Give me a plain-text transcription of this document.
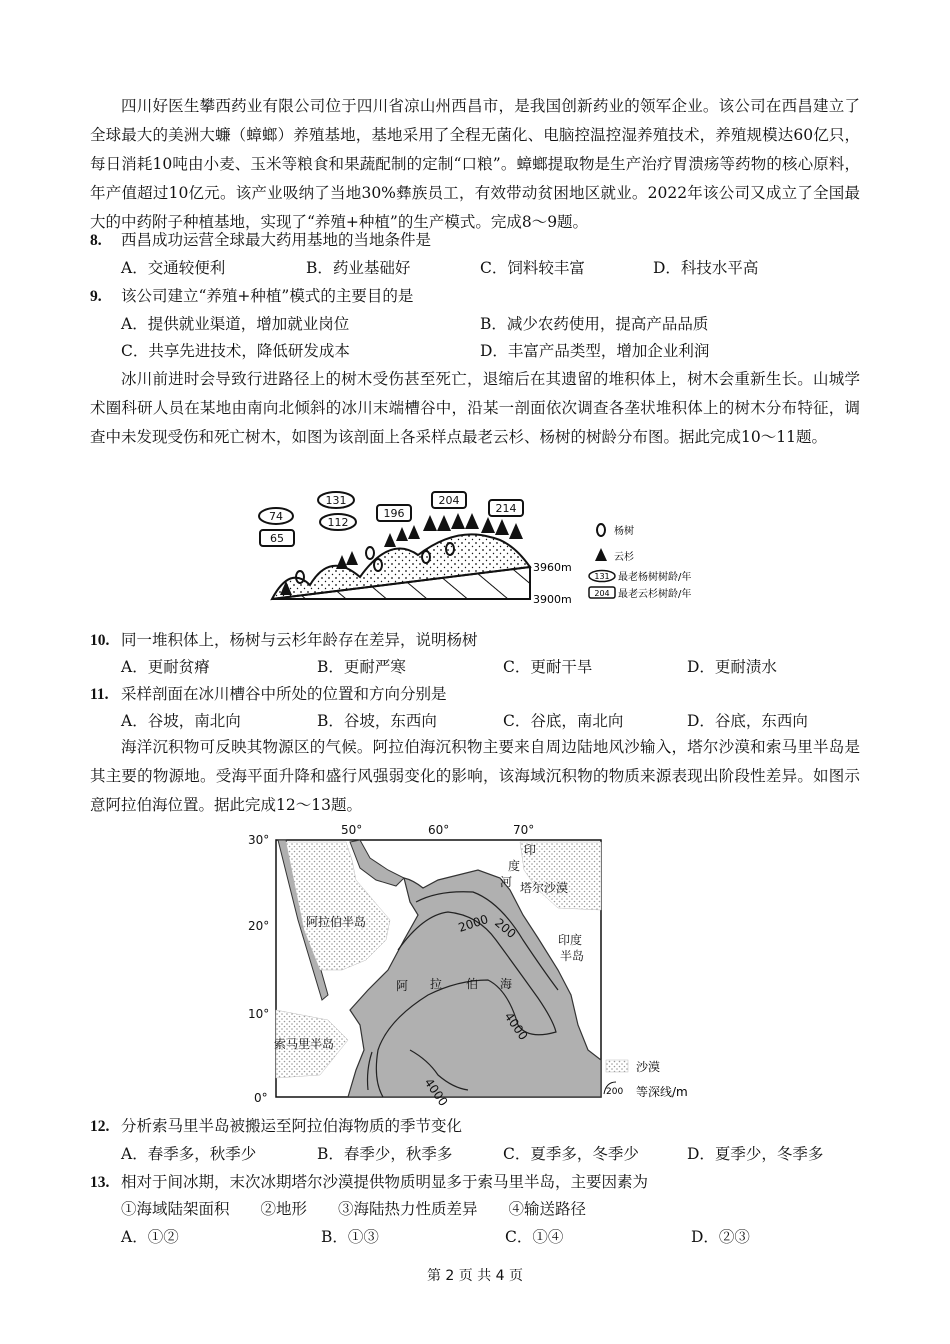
四川好医生攀西药业有限公司位于四川省凉山州西昌市，是我国创新药业的领军企业。该公司在西昌建立了全球最大的美洲大蠊（蟑螂）养殖基地，基地采用了全程无菌化、电脑控温控湿养殖技术，养殖规模达60亿只，每日消耗10吨由小麦、玉米等粮食和果蔬配制的定制“口粮”。蟑螂提取物是生产治疗胃溃疡等药物的核心原料，年产值超过10亿元。该产业吸纳了当地30%彝族员工，有效带动贫困地区就业。2022年该公司又成立了全国最大的中药附子种植基地，实现了“养殖+种植”的生产模式。完成8～9题。

8. 西昌成功运营全球最大药用基地的当地条件是
A．交通较便利	B．药业基础好	C．饲料较丰富	D．科技水平高
9. 该公司建立“养殖+种植”模式的主要目的是
A．提供就业渠道，增加就业岗位	B．减少农药使用，提高产品品质
C．共享先进技术，降低研发成本	D．丰富产品类型，增加企业利润

冰川前进时会导致行进路径上的树木受伤甚至死亡，退缩后在其遗留的堆积体上，树木会重新生长。山城学术圈科研人员在某地由南向北倾斜的冰川末端槽谷中，沿某一剖面依次调查各垄状堆积体上的树木分布特征，调查中未发现受伤和死亡树木，如图为该剖面上各采样点最老云杉、杨树的树龄分布图。据此完成10～11题。

74
65
131
112
196
204
214
3960m
3900m
杨树
云杉
131 最老杨树树龄/年
204 最老云杉树龄/年
10. 同一堆积体上，杨树与云杉年龄存在差异，说明杨树
A．更耐贫瘠	B．更耐严寒	C．更耐干旱	D．更耐渍水
11. 采样剖面在冰川槽谷中所处的位置和方向分别是
A．谷坡，南北向	B．谷坡，东西向	C．谷底，南北向	D．谷底，东西向

海洋沉积物可反映其物源区的气候。阿拉伯海沉积物主要来自周边陆地风沙输入，塔尔沙漠和索马里半岛是其主要的物源地。受海平面升降和盛行风强弱变化的影响，该海域沉积物的物质来源表现出阶段性差异。如图示意阿拉伯海位置。据此完成12～13题。

50°	60°	70°
30°
20°
10°
0°
印
度
河 塔尔沙漠
阿拉伯半岛
印度
半岛
阿 拉 伯 海
索马里半岛
2000 200
4000
4000
沙漠
200 等深线/m
12. 分析索马里半岛被搬运至阿拉伯海物质的季节变化
A．春季多，秋季少	B．春季少，秋季多	C．夏季多，冬季少	D．夏季少，冬季多
13. 相对于间冰期，末次冰期塔尔沙漠提供物质明显多于索马里半岛，主要因素为
①海域陆架面积　　②地形　　③海陆热力性质差异　　④输送路径
A．①②	B．①③	C．①④	D．②③
第 2 页 共 4 页
